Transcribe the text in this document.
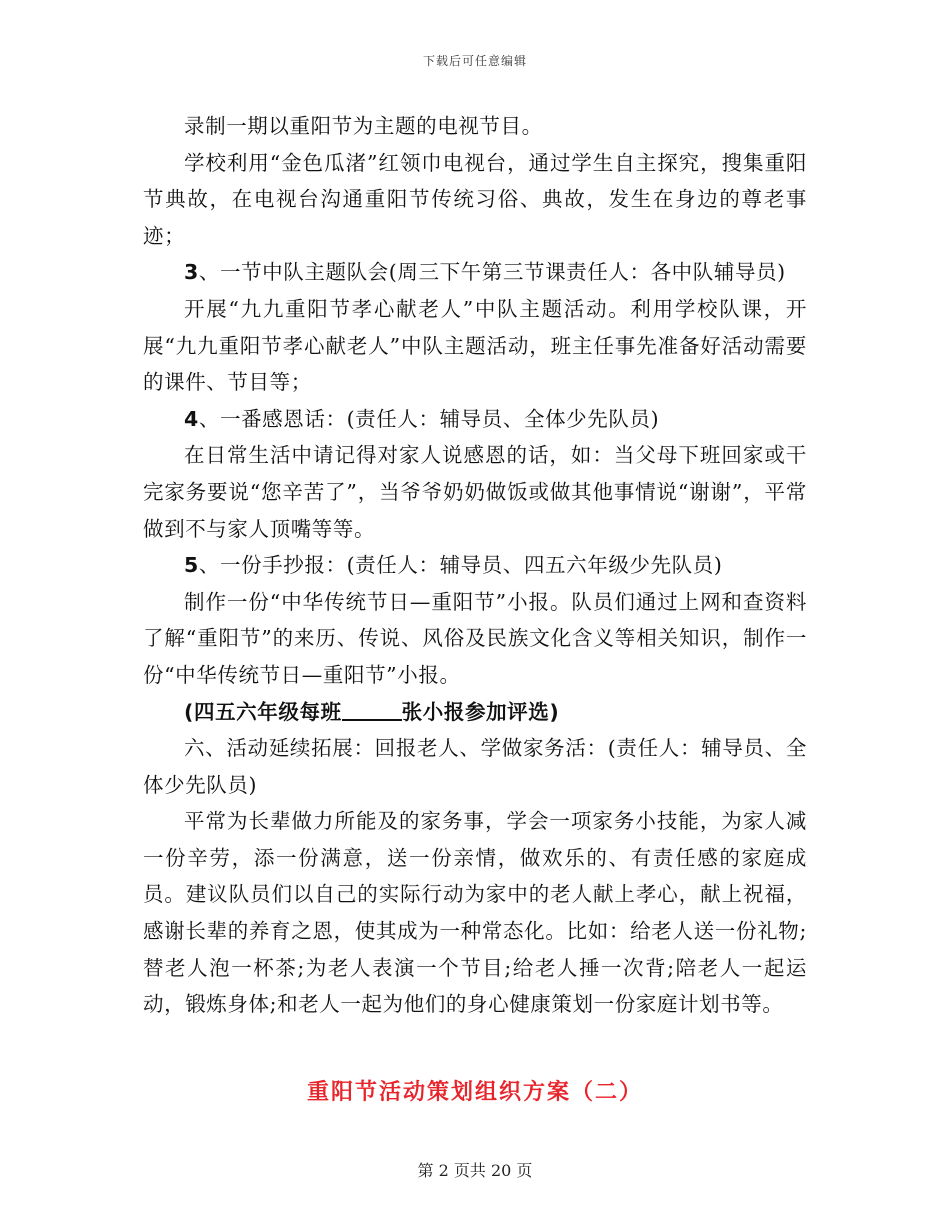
下载后可任意编辑

录制一期以重阳节为主题的电视节目。

学校利用“金色瓜渚”红领巾电视台，通过学生自主探究，搜集重阳节典故，在电视台沟通重阳节传统习俗、典故，发生在身边的尊老事迹；

3、一节中队主题队会(周三下午第三节课责任人：各中队辅导员)

开展“九九重阳节孝心献老人”中队主题活动。利用学校队课，开展“九九重阳节孝心献老人”中队主题活动，班主任事先准备好活动需要的课件、节目等；

4、一番感恩话：(责任人：辅导员、全体少先队员)

在日常生活中请记得对家人说感恩的话，如：当父母下班回家或干完家务要说“您辛苦了”，当爷爷奶奶做饭或做其他事情说“谢谢”，平常做到不与家人顶嘴等等。

5、一份手抄报：(责任人：辅导员、四五六年级少先队员)

制作一份“中华传统节日—重阳节”小报。队员们通过上网和查资料了解“重阳节”的来历、传说、风俗及民族文化含义等相关知识，制作一份“中华传统节日—重阳节”小报。

(四五六年级每班	张小报参加评选)

六、活动延续拓展：回报老人、学做家务活：(责任人：辅导员、全体少先队员)

平常为长辈做力所能及的家务事，学会一项家务小技能，为家人减一份辛劳，添一份满意，送一份亲情，做欢乐的、有责任感的家庭成员。建议队员们以自己的实际行动为家中的老人献上孝心，献上祝福，感谢长辈的养育之恩，使其成为一种常态化。比如：给老人送一份礼物;替老人泡一杯茶;为老人表演一个节目;给老人捶一次背;陪老人一起运动，锻炼身体;和老人一起为他们的身心健康策划一份家庭计划书等。

重阳节活动策划组织方案（二）
第 2 页共 20 页
